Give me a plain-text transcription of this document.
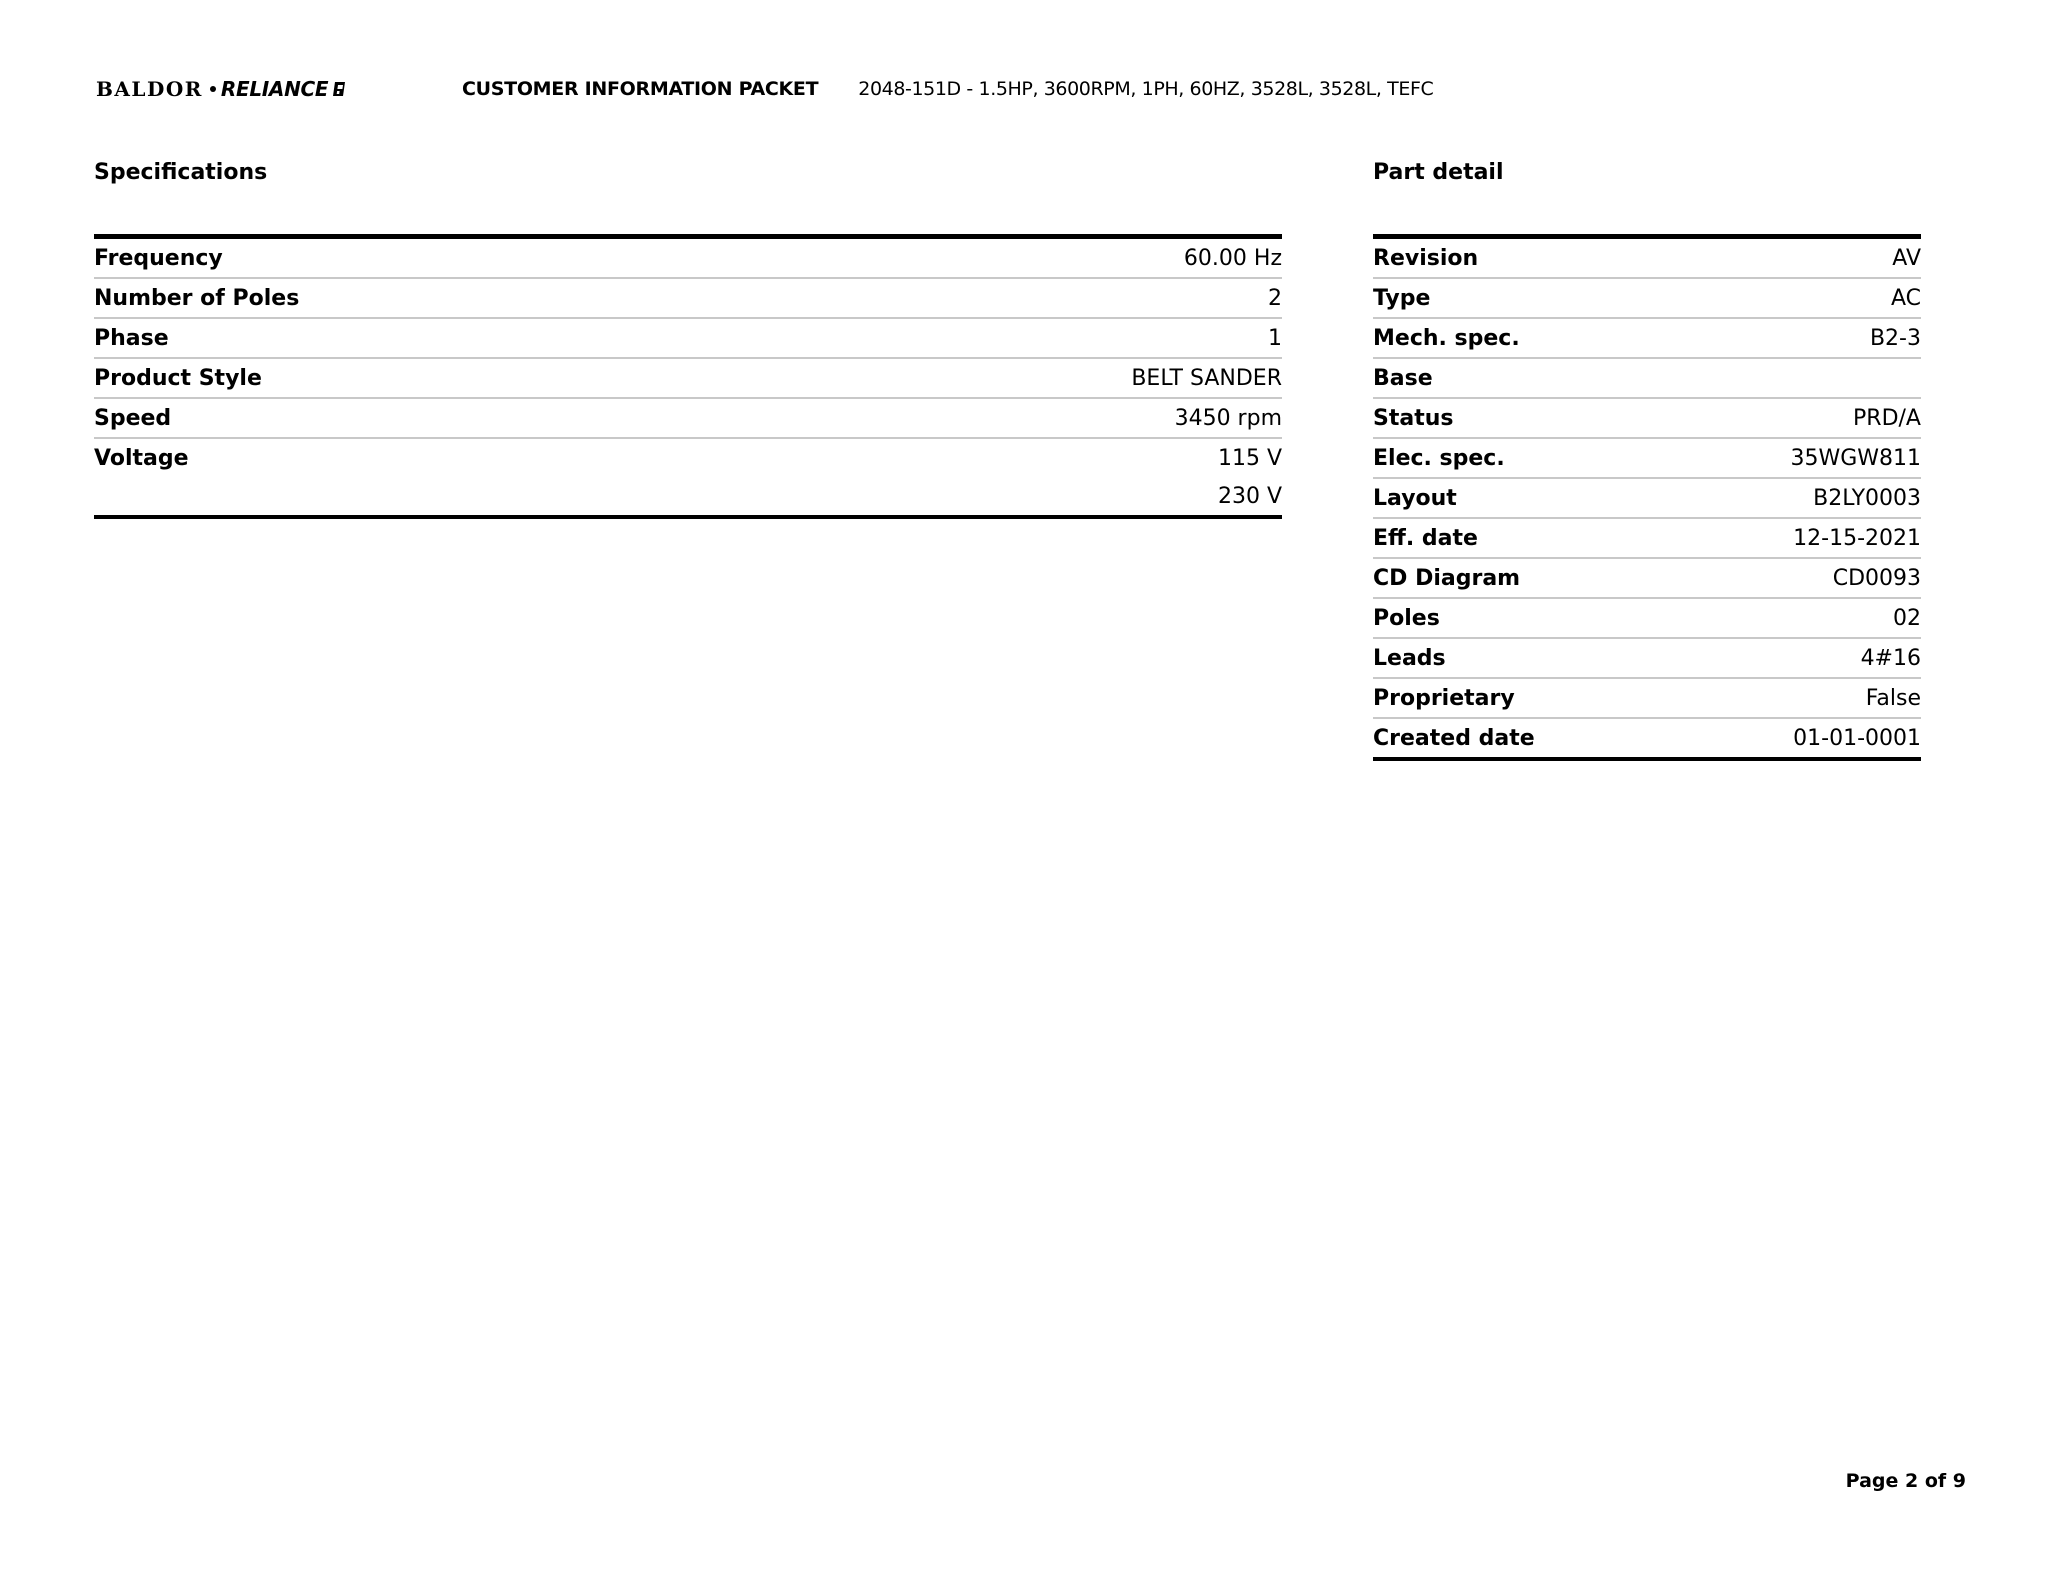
BALDOR RELIANCE	CUSTOMER INFORMATION PACKET 2048-151D - 1.5HP, 3600RPM, 1PH, 60HZ, 3528L, 3528L, TEFC
Specifications
Frequency	60.00 Hz
Number of Poles	2
Phase	1
Product Style	BELT SANDER
Speed	3450 rpm
Voltage	115 V
230 V
Part detail
Revision	AV
Type	AC
Mech. spec.	B2-3
Base
Status	PRD/A
Elec. spec.	35WGW811
Layout	B2LY0003
Eff. date	12-15-2021
CD Diagram	CD0093
Poles	02
Leads	4#16
Proprietary	False
Created date	01-01-0001
Page 2 of 9
